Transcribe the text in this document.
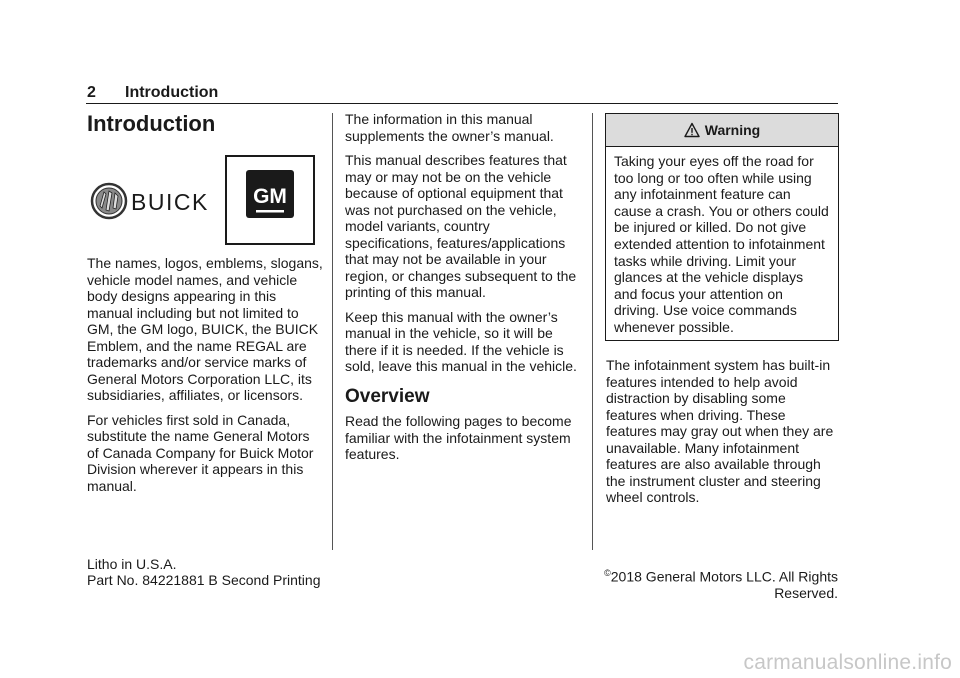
2 Introduction
Introduction
BUICK GM

The names, logos, emblems, slogans, vehicle model names, and vehicle body designs appearing in this manual including but not limited to GM, the GM logo, BUICK, the BUICK Emblem, and the name REGAL are trademarks and/or service marks of General Motors Corporation LLC, its subsidiaries, affiliates, or licensors.

For vehicles first sold in Canada, substitute the name General Motors of Canada Company for Buick Motor Division wherever it appears in this manual.

The information in this manual supplements the owner’s manual.

This manual describes features that may or may not be on the vehicle because of optional equipment that was not purchased on the vehicle, model variants, country specifications, features/applications that may not be available in your region, or changes subsequent to the printing of this manual.

Keep this manual with the owner’s manual in the vehicle, so it will be there if it is needed. If the vehicle is sold, leave this manual in the vehicle.

Overview

Read the following pages to become familiar with the infotainment system features.

Warning
Taking your eyes off the road for too long or too often while using any infotainment feature can cause a crash. You or others could be injured or killed. Do not give extended attention to infotainment tasks while driving. Limit your glances at the vehicle displays and focus your attention on driving. Use voice commands whenever possible.

The infotainment system has built-in features intended to help avoid distraction by disabling some features when driving. These features may gray out when they are unavailable. Many infotainment features are also available through the instrument cluster and steering wheel controls.

Litho in U.S.A.
Part No. 84221881 B Second Printing	©2018 General Motors LLC. All Rights Reserved.
carmanualsonline.info
